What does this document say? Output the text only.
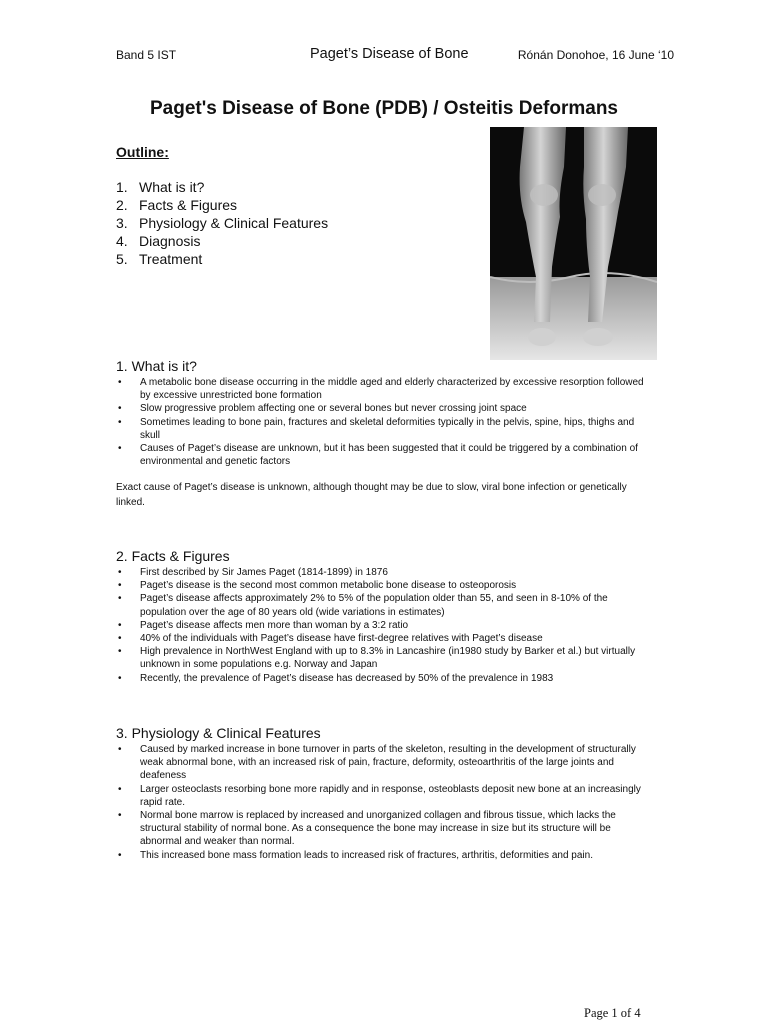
Band 5 IST	Paget’s Disease of Bone	Rónán Donohoe, 16 June ‘10
Paget's Disease of Bone (PDB) / Osteitis Deformans
Outline:
1. What is it?
2. Facts & Figures
3. Physiology & Clinical Features
4. Diagnosis
5. Treatment
1. What is it?
• A metabolic bone disease occurring in the middle aged and elderly characterized by excessive resorption followed by excessive unrestricted bone formation
• Slow progressive problem affecting one or several bones but never crossing joint space
• Sometimes leading to bone pain, fractures and skeletal deformities typically in the pelvis, spine, hips, thighs and skull
• Causes of Paget’s disease are unknown, but it has been suggested that it could be triggered by a combination of environmental and genetic factors

Exact cause of Paget’s disease is unknown, although thought may be due to slow, viral bone infection or genetically linked.

2. Facts & Figures
• First described by Sir James Paget (1814-1899) in 1876
• Paget’s disease is the second most common metabolic bone disease to osteoporosis
• Paget’s disease affects approximately 2% to 5% of the population older than 55, and seen in 8-10% of the population over the age of 80 years old (wide variations in estimates)
• Paget’s disease affects men more than woman by a 3:2 ratio
• 40% of the individuals with Paget’s disease have first-degree relatives with Paget’s disease
• High prevalence in NorthWest England with up to 8.3% in Lancashire (in1980 study by Barker et al.) but virtually unknown in some populations e.g. Norway and Japan
• Recently, the prevalence of Paget’s disease has decreased by 50% of the prevalence in 1983
3. Physiology & Clinical Features
• Caused by marked increase in bone turnover in parts of the skeleton, resulting in the development of structurally weak abnormal bone, with an increased risk of pain, fracture, deformity, osteoarthritis of the large joints and deafeness
• Larger osteoclasts resorbing bone more rapidly and in response, osteoblasts deposit new bone at an increasingly rapid rate.
• Normal bone marrow is replaced by increased and unorganized collagen and fibrous tissue, which lacks the structural stability of normal bone. As a consequence the bone may increase in size but its structure will be abnormal and weaker than normal.
• This increased bone mass formation leads to increased risk of fractures, arthritis, deformities and pain.
Page 1 of 4
